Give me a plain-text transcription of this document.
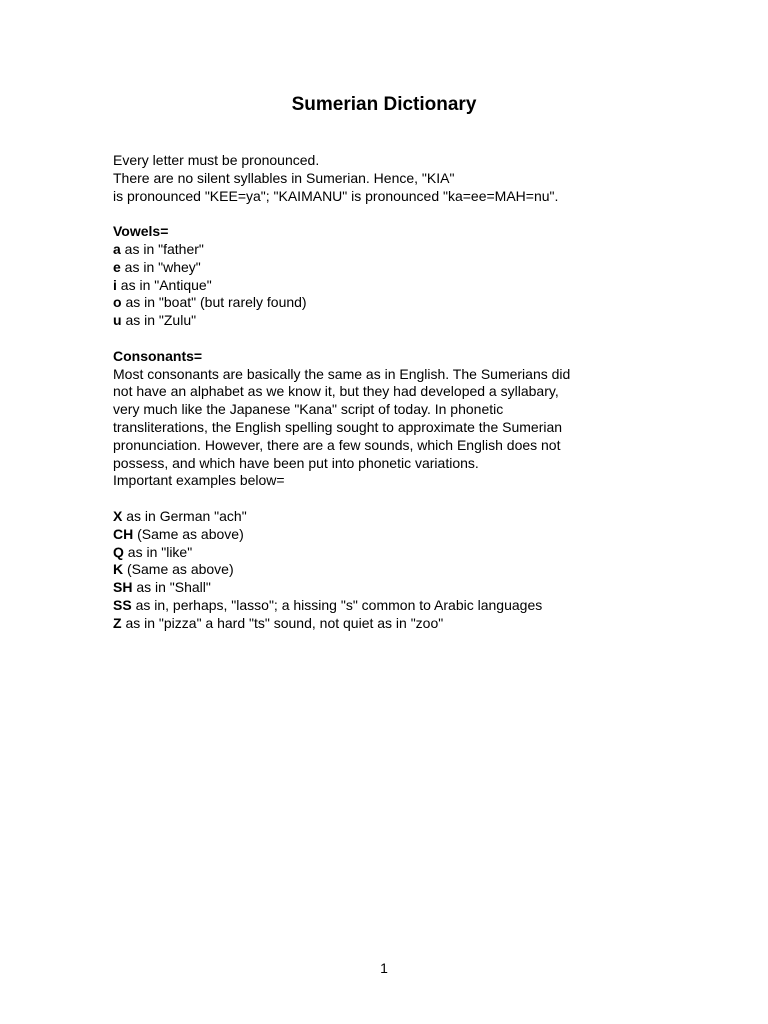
Sumerian Dictionary
Every letter must be pronounced.
There are no silent syllables in Sumerian. Hence, "KIA"
is pronounced "KEE=ya"; "KAIMANU" is pronounced "ka=ee=MAH=nu".
Vowels=
a as in "father"
e as in "whey"
i as in "Antique"
o as in "boat" (but rarely found)
u as in "Zulu"
Consonants=
Most consonants are basically the same as in English. The Sumerians did
not have an alphabet as we know it, but they had developed a syllabary,
very much like the Japanese "Kana" script of today. In phonetic
transliterations, the English spelling sought to approximate the Sumerian
pronunciation. However, there are a few sounds, which English does not
possess, and which have been put into phonetic variations.
Important examples below=
X as in German "ach"
CH (Same as above)
Q as in "like"
K (Same as above)
SH as in "Shall"
SS as in, perhaps, "lasso"; a hissing "s" common to Arabic languages
Z as in "pizza" a hard "ts" sound, not quiet as in "zoo"
1
